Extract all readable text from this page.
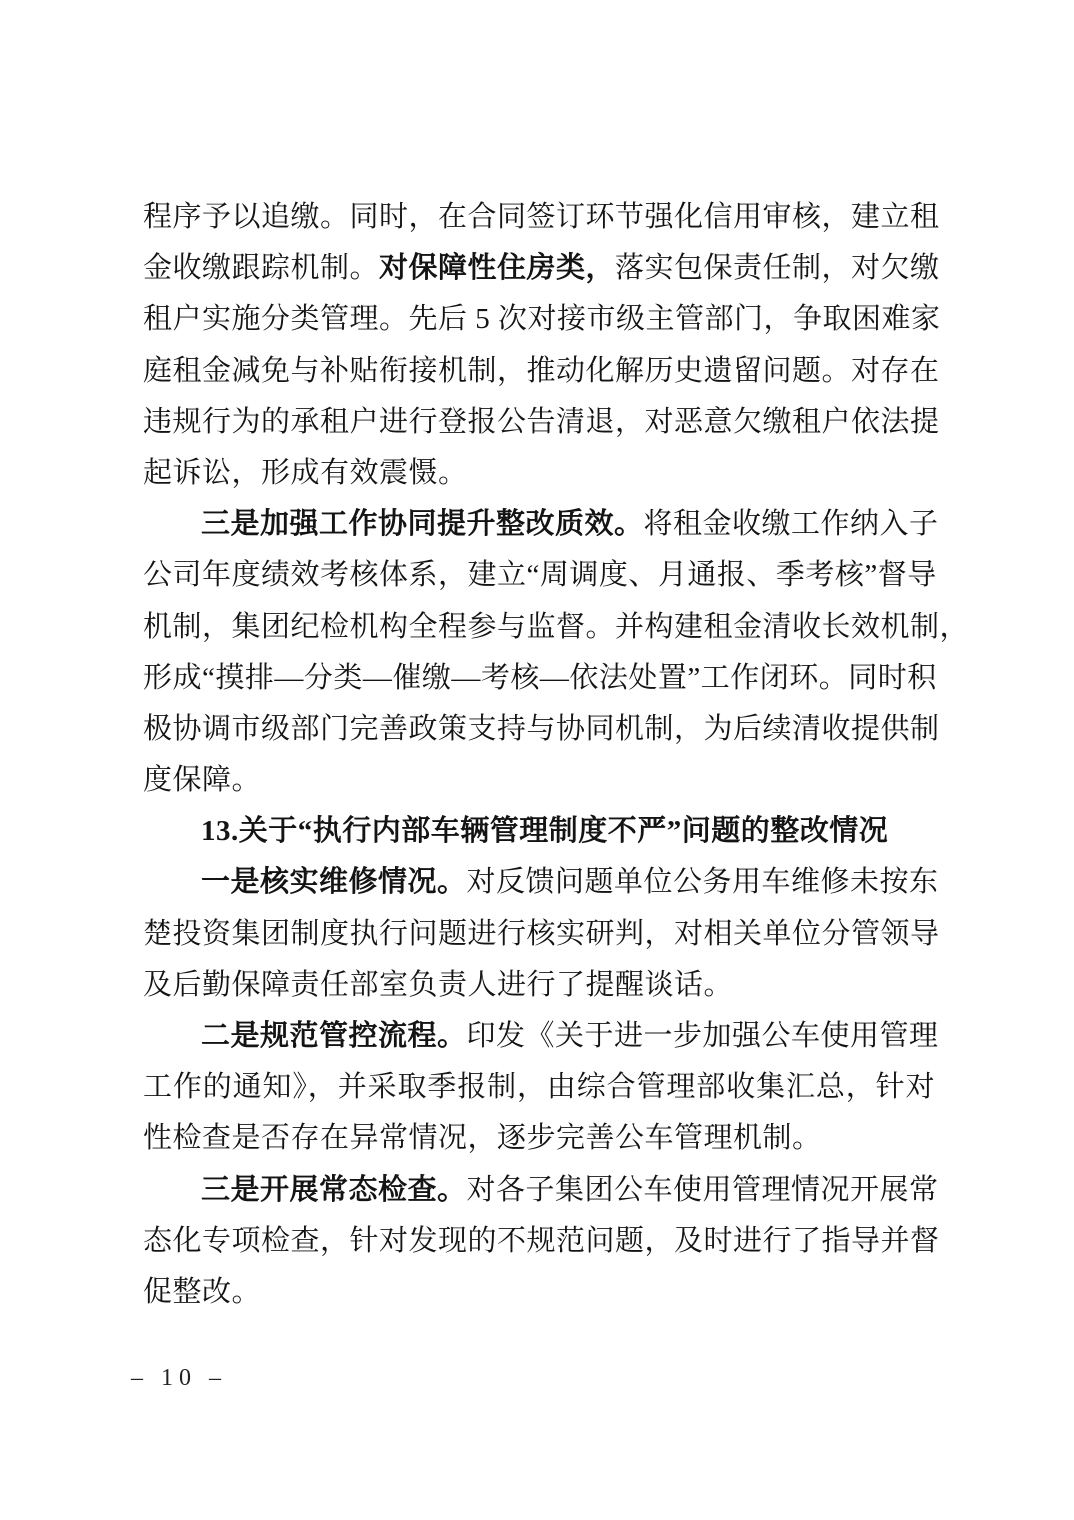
程序予以追缴。同时，在合同签订环节强化信用审核，建立租
金收缴跟踪机制。对保障性住房类，落实包保责任制，对欠缴
租户实施分类管理。先后 5 次对接市级主管部门，争取困难家
庭租金减免与补贴衔接机制，推动化解历史遗留问题。对存在
违规行为的承租户进行登报公告清退，对恶意欠缴租户依法提
起诉讼，形成有效震慑。
三是加强工作协同提升整改质效。将租金收缴工作纳入子
公司年度绩效考核体系，建立“周调度、月通报、季考核”督导
机制，集团纪检机构全程参与监督。并构建租金清收长效机制，
形成“摸排—分类—催缴—考核—依法处置”工作闭环。同时积
极协调市级部门完善政策支持与协同机制，为后续清收提供制
度保障。
13.关于“执行内部车辆管理制度不严”问题的整改情况
一是核实维修情况。对反馈问题单位公务用车维修未按东
楚投资集团制度执行问题进行核实研判，对相关单位分管领导
及后勤保障责任部室负责人进行了提醒谈话。
二是规范管控流程。印发《关于进一步加强公车使用管理
工作的通知》，并采取季报制，由综合管理部收集汇总，针对
性检查是否存在异常情况，逐步完善公车管理机制。
三是开展常态检查。对各子集团公车使用管理情况开展常
态化专项检查，针对发现的不规范问题，及时进行了指导并督
促整改。
– 10 –
